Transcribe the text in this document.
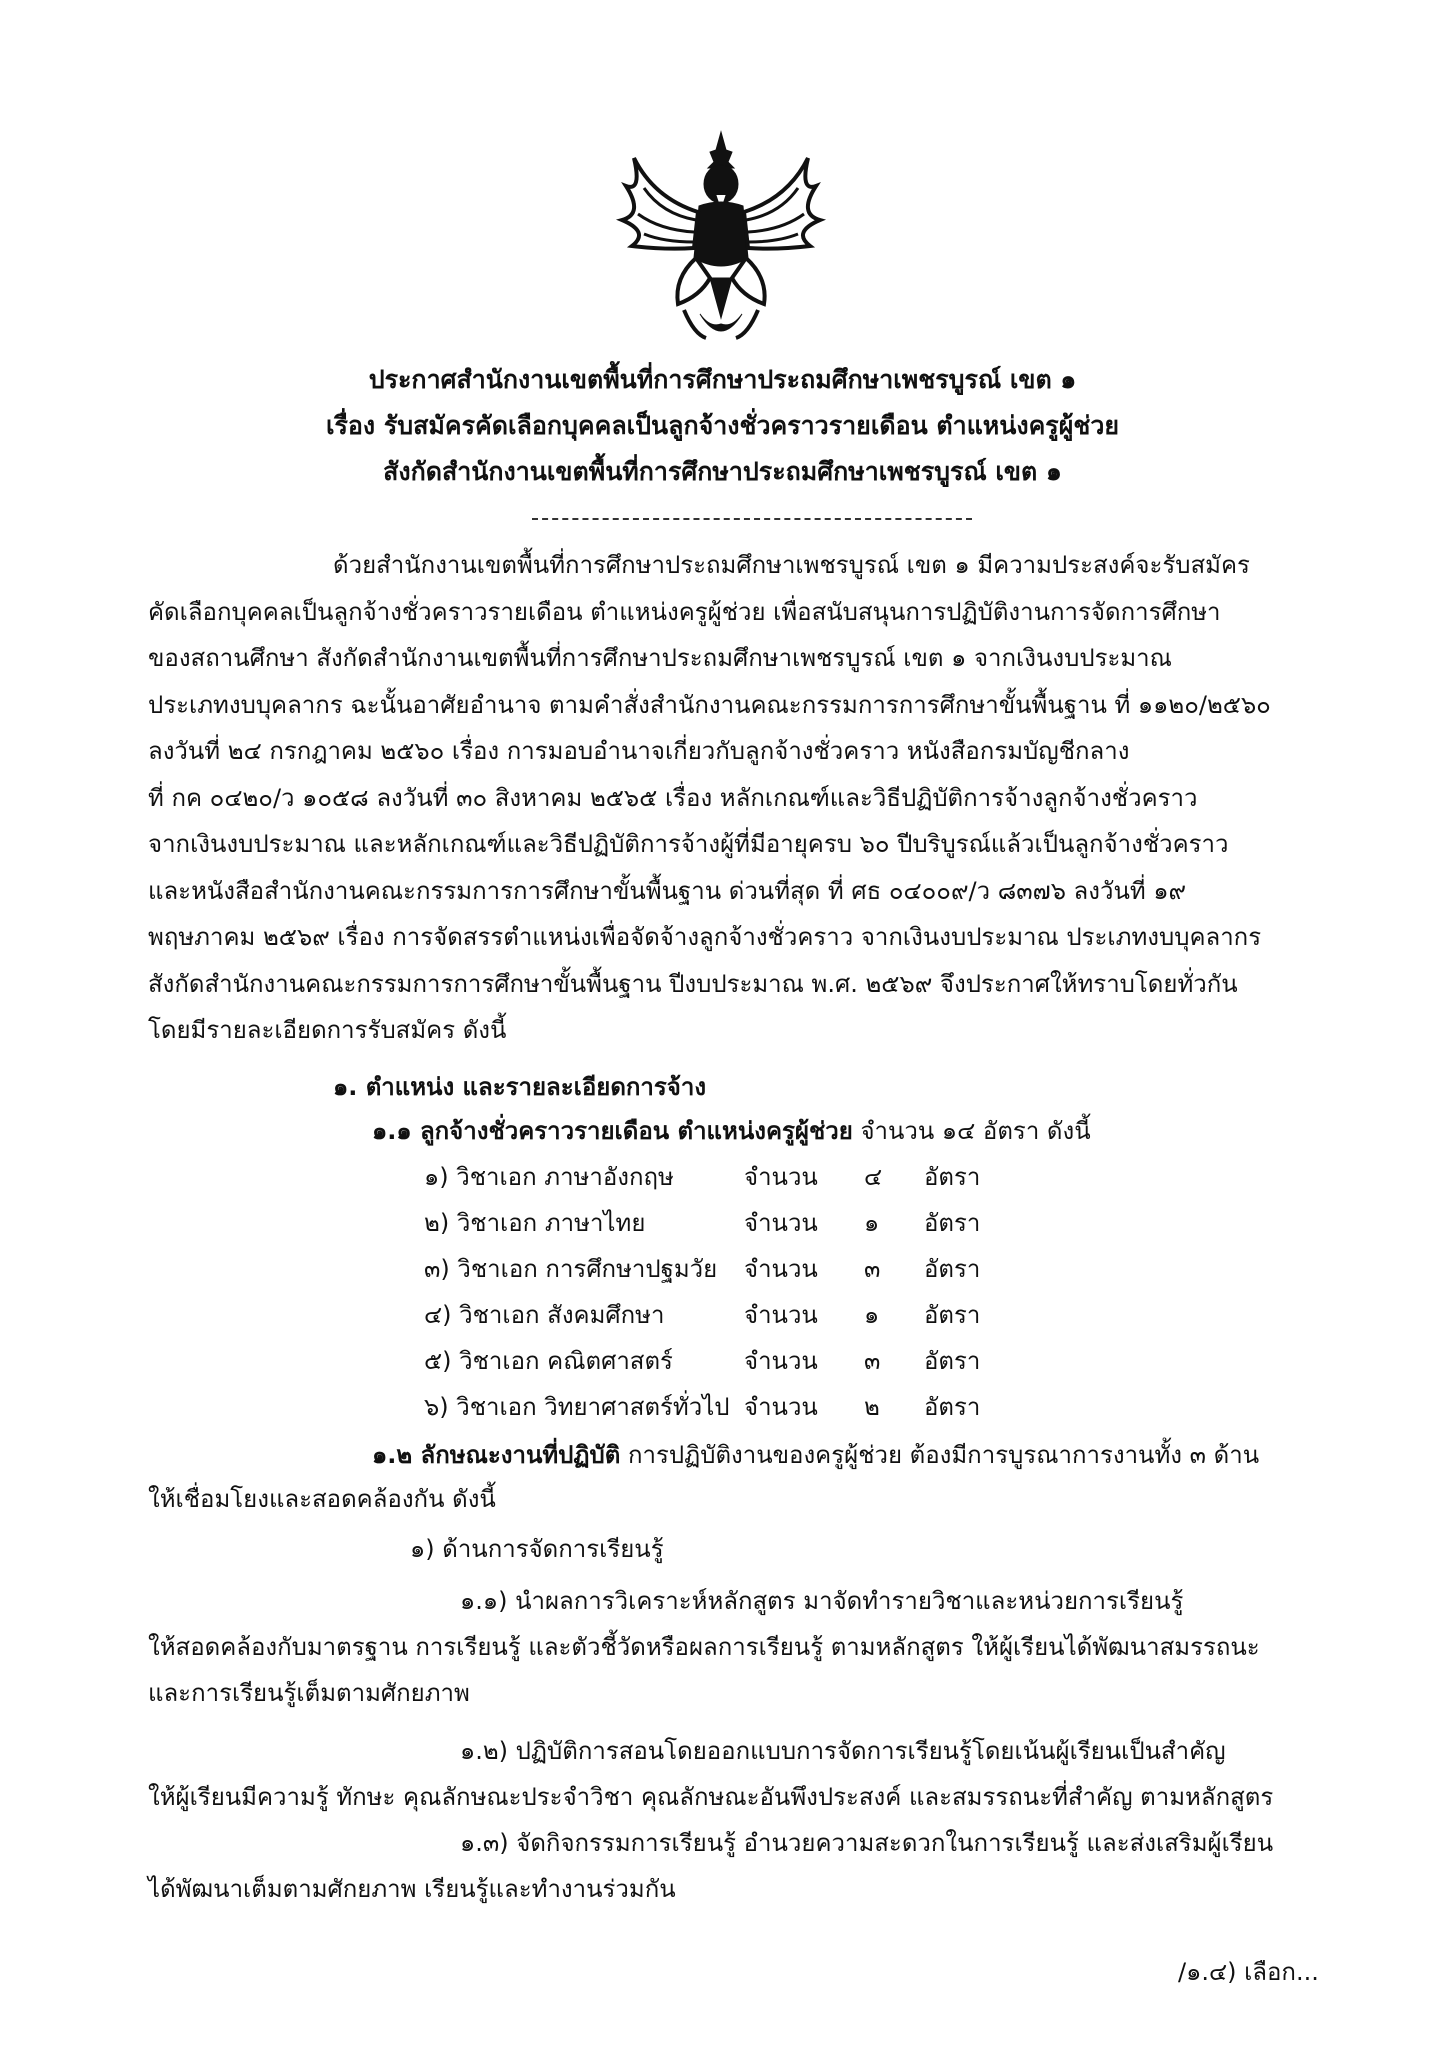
ประกาศสำนักงานเขตพื้นที่การศึกษาประถมศึกษาเพชรบูรณ์ เขต ๑
เรื่อง รับสมัครคัดเลือกบุคคลเป็นลูกจ้างชั่วคราวรายเดือน ตำแหน่งครูผู้ช่วย
สังกัดสำนักงานเขตพื้นที่การศึกษาประถมศึกษาเพชรบูรณ์ เขต ๑
ด้วยสำนักงานเขตพื้นที่การศึกษาประถมศึกษาเพชรบูรณ์ เขต ๑ มีความประสงค์จะรับสมัคร
คัดเลือกบุคคลเป็นลูกจ้างชั่วคราวรายเดือน ตำแหน่งครูผู้ช่วย เพื่อสนับสนุนการปฏิบัติงานการจัดการศึกษา
ของสถานศึกษา สังกัดสำนักงานเขตพื้นที่การศึกษาประถมศึกษาเพชรบูรณ์ เขต ๑ จากเงินงบประมาณ
ประเภทงบบุคลากร ฉะนั้นอาศัยอำนาจ ตามคำสั่งสำนักงานคณะกรรมการการศึกษาขั้นพื้นฐาน ที่ ๑๑๒๐/๒๕๖๐
ลงวันที่ ๒๔ กรกฎาคม ๒๕๖๐ เรื่อง การมอบอำนาจเกี่ยวกับลูกจ้างชั่วคราว หนังสือกรมบัญชีกลาง
ที่ กค ๐๔๒๐/ว ๑๐๕๘ ลงวันที่ ๓๐ สิงหาคม ๒๕๖๕ เรื่อง หลักเกณฑ์และวิธีปฏิบัติการจ้างลูกจ้างชั่วคราว
จากเงินงบประมาณ และหลักเกณฑ์และวิธีปฏิบัติการจ้างผู้ที่มีอายุครบ ๖๐ ปีบริบูรณ์แล้วเป็นลูกจ้างชั่วคราว
และหนังสือสำนักงานคณะกรรมการการศึกษาขั้นพื้นฐาน ด่วนที่สุด ที่ ศธ ๐๔๐๐๙/ว ๘๓๗๖ ลงวันที่ ๑๙
พฤษภาคม ๒๕๖๙ เรื่อง การจัดสรรตำแหน่งเพื่อจัดจ้างลูกจ้างชั่วคราว จากเงินงบประมาณ ประเภทงบบุคลากร
สังกัดสำนักงานคณะกรรมการการศึกษาขั้นพื้นฐาน ปีงบประมาณ พ.ศ. ๒๕๖๙ จึงประกาศให้ทราบโดยทั่วกัน
โดยมีรายละเอียดการรับสมัคร ดังนี้
๑. ตำแหน่ง และรายละเอียดการจ้าง
๑.๑ ลูกจ้างชั่วคราวรายเดือน ตำแหน่งครูผู้ช่วย จำนวน ๑๔ อัตรา ดังนี้
๑) วิชาเอก ภาษาอังกฤษ	จำนวน ๔ อัตรา
๒) วิชาเอก ภาษาไทย	จำนวน ๑ อัตรา
๓) วิชาเอก การศึกษาปฐมวัย จำนวน ๓ อัตรา
๔) วิชาเอก สังคมศึกษา	จำนวน ๑ อัตรา
๕) วิชาเอก คณิตศาสตร์	จำนวน ๓ อัตรา
๖) วิชาเอก วิทยาศาสตร์ทั่วไป จำนวน ๒ อัตรา
๑.๒ ลักษณะงานที่ปฏิบัติ การปฏิบัติงานของครูผู้ช่วย ต้องมีการบูรณาการงานทั้ง ๓ ด้าน
ให้เชื่อมโยงและสอดคล้องกัน ดังนี้
๑) ด้านการจัดการเรียนรู้
๑.๑) นำผลการวิเคราะห์หลักสูตร มาจัดทำรายวิชาและหน่วยการเรียนรู้
ให้สอดคล้องกับมาตรฐาน การเรียนรู้ และตัวชี้วัดหรือผลการเรียนรู้ ตามหลักสูตร ให้ผู้เรียนได้พัฒนาสมรรถนะ
และการเรียนรู้เต็มตามศักยภาพ
๑.๒) ปฏิบัติการสอนโดยออกแบบการจัดการเรียนรู้โดยเน้นผู้เรียนเป็นสำคัญ
ให้ผู้เรียนมีความรู้ ทักษะ คุณลักษณะประจำวิชา คุณลักษณะอันพึงประสงค์ และสมรรถนะที่สำคัญ ตามหลักสูตร
๑.๓) จัดกิจกรรมการเรียนรู้ อำนวยความสะดวกในการเรียนรู้ และส่งเสริมผู้เรียน
ได้พัฒนาเต็มตามศักยภาพ เรียนรู้และทำงานร่วมกัน
/๑.๔) เลือก...
